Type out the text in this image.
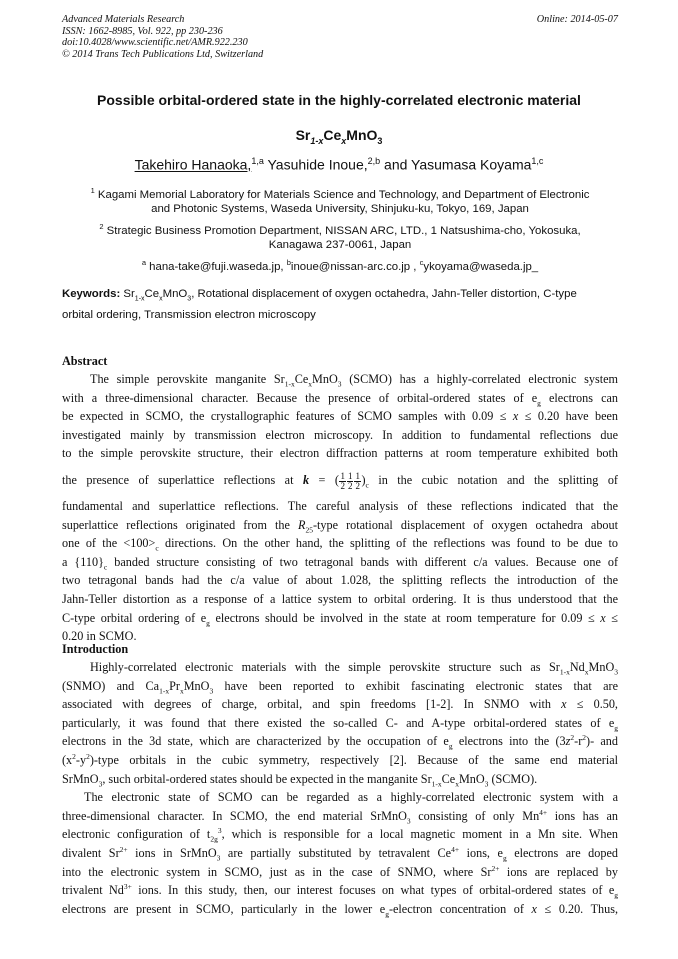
Advanced Materials Research
ISSN: 1662-8985, Vol. 922, pp 230-236
doi:10.4028/www.scientific.net/AMR.922.230
© 2014 Trans Tech Publications Ltd, Switzerland
Online: 2014-05-07
Possible orbital-ordered state in the highly-correlated electronic material
$Sr_{1-x}Ce_xMnO_3$
Takehiro Hanaoka,$^{1,a}$ Yasuhide Inoue,$^{2,b}$ and Yasumasa Koyama$^{1,c}$
$^1$ Kagami Memorial Laboratory for Materials Science and Technology, and Department of Electronic
and Photonic Systems, Waseda University, Shinjuku-ku, Tokyo, 169, Japan
$^2$ Strategic Business Promotion Department, NISSAN ARC, LTD., 1 Natsushima-cho, Yokosuka,
Kanagawa 237-0061, Japan
$^a$ hana-take@fuji.waseda.jp, $^b$inoue@nissan-arc.co.jp , $^c$ykoyama@waseda.jp_
Keywords: $Sr_{1-x}Ce_xMnO_3$, Rotational displacement of oxygen octahedra, Jahn-Teller distortion, C-type
orbital ordering, Transmission electron microscopy
Abstract
The simple perovskite manganite $Sr_{1-x}Ce_xMnO_3$ (SCMO) has a highly-correlated electronic system
with a three-dimensional character. Because the presence of orbital-ordered states of $e_g$ electrons can
be expected in SCMO, the crystallographic features of SCMO samples with 0.09 ≤ x ≤ 0.20 have been
investigated mainly by transmission electron microscopy. In addition to fundamental reflections due
to the simple perovskite structure, their electron diffraction patterns at room temperature exhibited both
the presence of superlattice reflections at k = ( $\frac{1}{2} \frac{1}{2} \frac{1}{2} )_c$ in the cubic notation and the splitting of
fundamental and superlattice reflections. The careful analysis of these reflections indicated that the
superlattice reflections originated from the $R_{25}$-type rotational displacement of oxygen octahedra about
one of the $<100>_c$ directions. On the other hand, the splitting of the reflections was found to be due to
a $\{110\}_c$ banded structure consisting of two tetragonal bands with different c/a values. Because one of
two tetragonal bands had the c/a value of about 1.028, the splitting reflects the introduction of the
Jahn-Teller distortion as a response of a lattice system to orbital ordering. It is thus understood that the
C-type orbital ordering of $e_g$ electrons should be involved in the state at room temperature for 0.09 ≤ x ≤
0.20 in SCMO.
Introduction
Highly-correlated electronic materials with the simple perovskite structure such as $Sr_{1-x}Nd_xMnO_3$
(SNMO) and $Ca_{1-x}Pr_xMnO_3$ have been reported to exhibit fascinating electronic states that are
associated with degrees of charge, orbital, and spin freedoms [1-2]. In SNMO with x ≤ 0.50,
particularly, it was found that there existed the so-called C- and A-type orbital-ordered states of $e_g$
electrons in the 3d state, which are characterized by the occupation of $e_g$ electrons into the $(3z^2-r^2)-$ and
$(x^2-y^2)$-type orbitals in the cubic symmetry, respectively [2]. Because of the same end material
SrMnO$_3$, such orbital-ordered states should be expected in the manganite $Sr_{1-x}Ce_xMnO_3$ (SCMO).
The electronic state of SCMO can be regarded as a highly-correlated electronic system with a
three-dimensional character. In SCMO, the end material SrMnO$_3$ consisting of only $Mn^{4+}$ ions has an
electronic configuration of $t_{2g}^3$, which is responsible for a local magnetic moment in a Mn site. When
divalent $Sr^{2+}$ ions in SrMnO$_3$ are partially substituted by tetravalent $Ce^{4+}$ ions, $e_g$ electrons are doped
into the electronic system in SCMO, just as in the case of SNMO, where $Sr^{2+}$ ions are replaced by
trivalent $Nd^{3+}$ ions. In this study, then, our interest focuses on what types of orbital-ordered states of $e_g$
electrons are present in SCMO, particularly in the lower $e_g$-electron concentration of x ≤ 0.20. Thus,
